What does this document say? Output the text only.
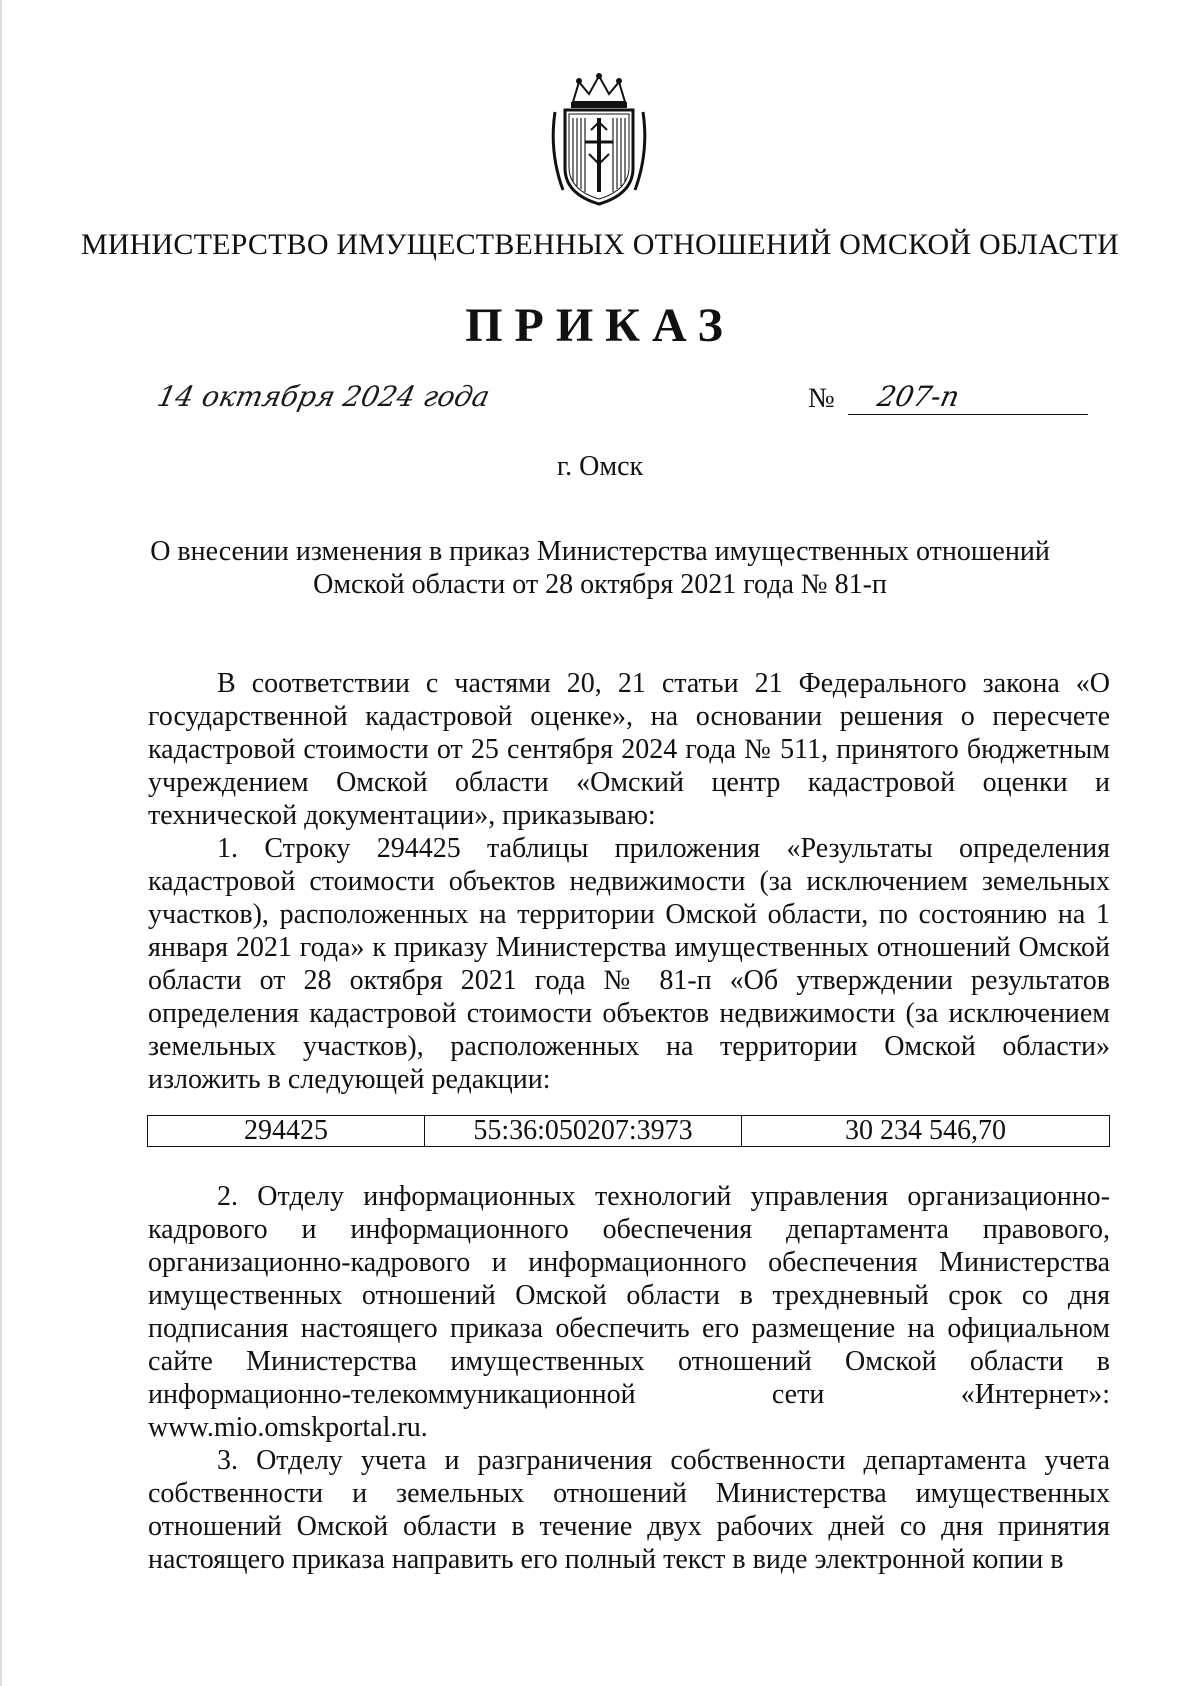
МИНИСТЕРСТВО ИМУЩЕСТВЕННЫХ ОТНОШЕНИЙ ОМСКОЙ ОБЛАСТИ
ПРИКАЗ
14 октября 2024 года	№ 207-п
г. Омск
О внесении изменения в приказ Министерства имущественных отношений
Омской области от 28 октября 2021 года № 81-п

В соответствии с частями 20, 21 статьи 21 Федерального закона «О государственной кадастровой оценке», на основании решения о пересчете кадастровой стоимости от 25 сентября 2024 года № 511, принятого бюджетным учреждением Омской области «Омский центр кадастровой оценки и технической документации», приказываю:

1. Строку 294425 таблицы приложения «Результаты определения кадастровой стоимости объектов недвижимости (за исключением земельных участков), расположенных на территории Омской области, по состоянию на 1 января 2021 года» к приказу Министерства имущественных отношений Омской области от 28 октября 2021 года № 81-п «Об утверждении результатов определения кадастровой стоимости объектов недвижимости (за исключением земельных участков), расположенных на территории Омской области» изложить в следующей редакции:

294425	55:36:050207:3973	30 234 546,70

2. Отделу информационных технологий управления организационно-кадрового и информационного обеспечения департамента правового, организационно-кадрового и информационного обеспечения Министерства имущественных отношений Омской области в трехдневный срок со дня подписания настоящего приказа обеспечить его размещение на официальном сайте Министерства имущественных отношений Омской области в информационно-телекоммуникационной сети «Интернет»: www.mio.omskportal.ru.

3. Отделу учета и разграничения собственности департамента учета собственности и земельных отношений Министерства имущественных отношений Омской области в течение двух рабочих дней со дня принятия настоящего приказа направить его полный текст в виде электронной копии в
